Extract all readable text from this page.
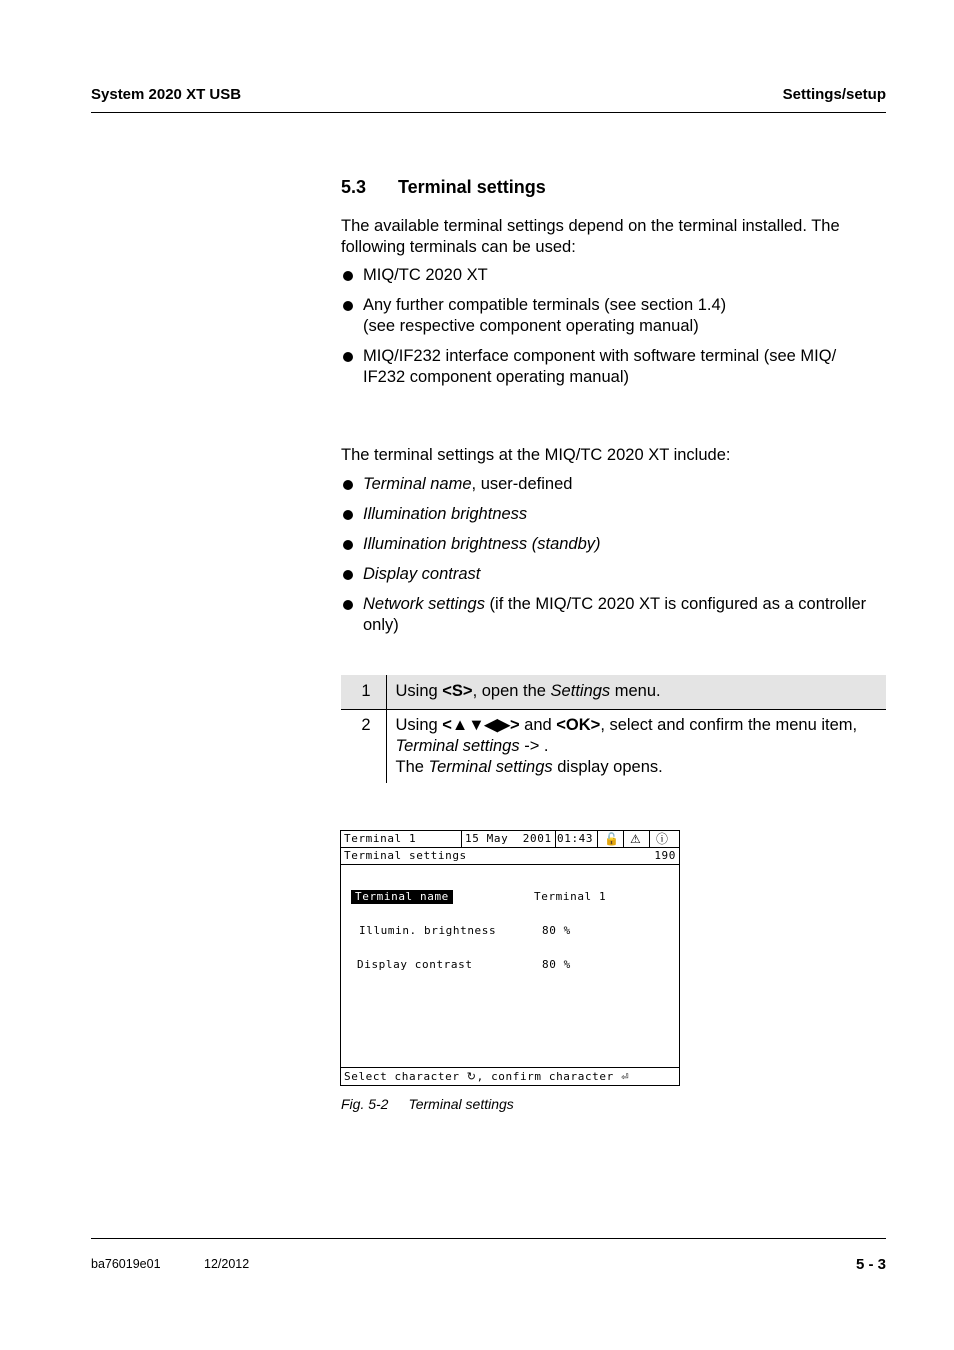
System 2020 XT USB	Settings/setup
5.3 Terminal settings
The available terminal settings depend on the terminal installed. The following terminals can be used:
MIQ/TC 2020 XT
Any further compatible terminals (see section 1.4)
(see respective component operating manual)
MIQ/IF232 interface component with software terminal (see MIQ/
IF232 component operating manual)
The terminal settings at the MIQ/TC 2020 XT include:
Terminal name, user-defined
Illumination brightness
Illumination brightness (standby)
Display contrast
Network settings (if the MIQ/TC 2020 XT is configured as a controller only)
1	Using <S>, open the Settings menu.
2	Using <▲▼◀▶> and <OK>, select and confirm the menu item, Terminal settings -> .
The Terminal settings display opens.
Terminal 1	15 May  2001 01:43 🔓 ⚠ ⓘ
Terminal settings	190
Terminal name	Terminal 1
Illumin. brightness	80 %
Display contrast	80 %
Select character ↻, confirm character ⏎
Fig. 5-2 Terminal settings
ba76019e01	12/2012	5 - 3
